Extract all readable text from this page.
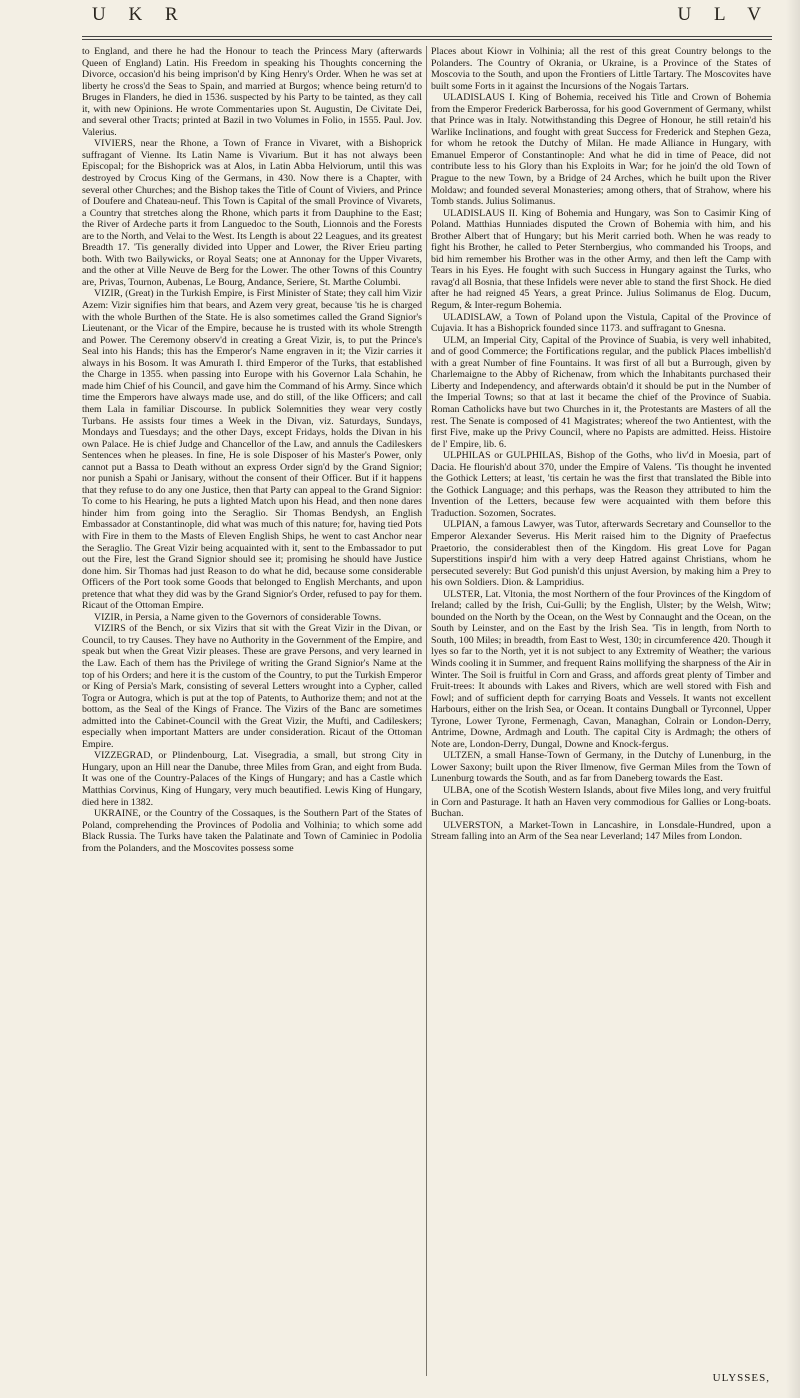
U K R	U L V

to England, and there he had the Honour to teach the Princess Mary (afterwards Queen of England) Latin. His Freedom in speaking his Thoughts concerning the Divorce, occasion'd his being imprison'd by King Henry's Order. When he was set at liberty he cross'd the Seas to Spain, and married at Burgos; whence being return'd to Bruges in Flanders, he died in 1536. suspected by his Party to be tainted, as they call it, with new Opinions. He wrote Commentaries upon St. Augustin, De Civitate Dei, and several other Tracts; printed at Bazil in two Volumes in Folio, in 1555. Paul. Jov. Valerius.

VIVIERS, near the Rhone, a Town of France in Vivaret, with a Bishoprick suffragant of Vienne. Its Latin Name is Vivarium. But it has not always been Episcopal; for the Bishoprick was at Alos, in Latin Abba Helviorum, until this was destroyed by Crocus King of the Germans, in 430. Now there is a Chapter, with several other Churches; and the Bishop takes the Title of Count of Viviers, and Prince of Doufere and Chateau-neuf. This Town is Capital of the small Province of Vivarets, a Country that stretches along the Rhone, which parts it from Dauphine to the East; the River of Ardeche parts it from Languedoc to the South, Lionnois and the Forests are to the North, and Velai to the West. Its Length is about 22 Leagues, and its greatest Breadth 17. 'Tis generally divided into Upper and Lower, the River Erieu parting both. With two Bailywicks, or Royal Seats; one at Annonay for the Upper Vivarets, and the other at Ville Neuve de Berg for the Lower. The other Towns of this Country are, Privas, Tournon, Aubenas, Le Bourg, Andance, Seriere, St. Marthe Columbi.

VIZIR, (Great) in the Turkish Empire, is First Minister of State; they call him Vizir Azem: Vizir signifies him that bears, and Azem very great, because 'tis he is charged with the whole Burthen of the State. He is also sometimes called the Grand Signior's Lieutenant, or the Vicar of the Empire, because he is trusted with its whole Strength and Power. The Ceremony observ'd in creating a Great Vizir, is, to put the Prince's Seal into his Hands; this has the Emperor's Name engraven in it; the Vizir carries it always in his Bosom. It was Amurath I. third Emperor of the Turks, that established the Charge in 1355. when passing into Europe with his Governor Lala Schahin, he made him Chief of his Council, and gave him the Command of his Army. Since which time the Emperors have always made use, and do still, of the like Officers; and call them Lala in familiar Discourse. In publick Solemnities they wear very costly Turbans. He assists four times a Week in the Divan, viz. Saturdays, Sundays, Mondays and Tuesdays; and the other Days, except Fridays, holds the Divan in his own Palace. He is chief Judge and Chancellor of the Law, and annuls the Cadileskers Sentences when he pleases. In fine, He is sole Disposer of his Master's Power, only cannot put a Bassa to Death without an express Order sign'd by the Grand Signior; nor punish a Spahi or Janisary, without the consent of their Officer. But if it happens that they refuse to do any one Justice, then that Party can appeal to the Grand Signior: To come to his Hearing, he puts a lighted Match upon his Head, and then none dares hinder him from going into the Seraglio. Sir Thomas Bendysh, an English Embassador at Constantinople, did what was much of this nature; for, having tied Pots with Fire in them to the Masts of Eleven English Ships, he went to cast Anchor near the Seraglio. The Great Vizir being acquainted with it, sent to the Embassador to put out the Fire, lest the Grand Signior should see it; promising he should have Justice done him. Sir Thomas had just Reason to do what he did, because some considerable Officers of the Port took some Goods that belonged to English Merchants, and upon pretence that what they did was by the Grand Signior's Order, refused to pay for them. Ricaut of the Ottoman Empire.

VIZIR, in Persia, a Name given to the Governors of considerable Towns.

VIZIRS of the Bench, or six Vizirs that sit with the Great Vizir in the Divan, or Council, to try Causes. They have no Authority in the Government of the Empire, and speak but when the Great Vizir pleases. These are grave Persons, and very learned in the Law. Each of them has the Privilege of writing the Grand Signior's Name at the top of his Orders; and here it is the custom of the Country, to put the Turkish Emperor or King of Persia's Mark, consisting of several Letters wrought into a Cypher, called Togra or Autogra, which is put at the top of Patents, to Authorize them; and not at the bottom, as the Seal of the Kings of France. The Vizirs of the Banc are sometimes admitted into the Cabinet-Council with the Great Vizir, the Mufti, and Cadileskers; especially when important Matters are under consideration. Ricaut of the Ottoman Empire.

VIZZEGRAD, or Plindenbourg, Lat. Visegradia, a small, but strong City in Hungary, upon an Hill near the Danube, three Miles from Gran, and eight from Buda. It was one of the Country-Palaces of the Kings of Hungary; and has a Castle which Matthias Corvinus, King of Hungary, very much beautified. Lewis King of Hungary, died here in 1382.

UKRAINE, or the Country of the Cossaques, is the Southern Part of the States of Poland, comprehending the Provinces of Podolia and Volhinia; to which some add Black Russia. The Turks have taken the Palatinate and Town of Caminiec in Podolia from the Polanders, and the Moscovites possess some

Places about Kiowr in Volhinia; all the rest of this great Country belongs to the Polanders. The Country of Okrania, or Ukraine, is a Province of the States of Moscovia to the South, and upon the Frontiers of Little Tartary. The Moscovites have built some Forts in it against the Incursions of the Nogais Tartars.

ULADISLAUS I. King of Bohemia, received his Title and Crown of Bohemia from the Emperor Frederick Barberossa, for his good Government of Germany, whilst that Prince was in Italy. Notwithstanding this Degree of Honour, he still retain'd his Warlike Inclinations, and fought with great Success for Frederick and Stephen Geza, for whom he retook the Dutchy of Milan. He made Alliance in Hungary, with Emanuel Emperor of Constantinople: And what he did in time of Peace, did not contribute less to his Glory than his Exploits in War; for he join'd the old Town of Prague to the new Town, by a Bridge of 24 Arches, which he built upon the River Moldaw; and founded several Monasteries; among others, that of Strahow, where his Tomb stands. Julius Solimanus.

ULADISLAUS II. King of Bohemia and Hungary, was Son to Casimir King of Poland. Matthias Hunniades disputed the Crown of Bohemia with him, and his Brother Albert that of Hungary; but his Merit carried both. When he was ready to fight his Brother, he called to Peter Sternbergius, who commanded his Troops, and bid him remember his Brother was in the other Army, and then left the Camp with Tears in his Eyes. He fought with such Success in Hungary against the Turks, who ravag'd all Bosnia, that these Infidels were never able to stand the first Shock. He died after he had reigned 45 Years, a great Prince. Julius Solimanus de Elog. Ducum, Regum, & Inter-regum Bohemia.

ULADISLAW, a Town of Poland upon the Vistula, Capital of the Province of Cujavia. It has a Bishoprick founded since 1173. and suffragant to Gnesna.

ULM, an Imperial City, Capital of the Province of Suabia, is very well inhabited, and of good Commerce; the Fortifications regular, and the publick Places imbellish'd with a great Number of fine Fountains. It was first of all but a Burrough, given by Charlemaigne to the Abby of Richenaw, from which the Inhabitants purchased their Liberty and Independency, and afterwards obtain'd it should be put in the Number of the Imperial Towns; so that at last it became the chief of the Province of Suabia. Roman Catholicks have but two Churches in it, the Protestants are Masters of all the rest. The Senate is composed of 41 Magistrates; whereof the two Antientest, with the first Five, make up the Privy Council, where no Papists are admitted. Heiss. Histoire de l' Empire, lib. 6.

ULPHILAS or GULPHILAS, Bishop of the Goths, who liv'd in Moesia, part of Dacia. He flourish'd about 370, under the Empire of Valens. 'Tis thought he invented the Gothick Letters; at least, 'tis certain he was the first that translated the Bible into the Gothick Language; and this perhaps, was the Reason they attributed to him the Invention of the Letters, because few were acquainted with them before this Traduction. Sozomen, Socrates.

ULPIAN, a famous Lawyer, was Tutor, afterwards Secretary and Counsellor to the Emperor Alexander Severus. His Merit raised him to the Dignity of Praefectus Praetorio, the considerablest then of the Kingdom. His great Love for Pagan Superstitions inspir'd him with a very deep Hatred against Christians, whom he persecuted severely: But God punish'd this unjust Aversion, by making him a Prey to his own Soldiers. Dion. & Lampridius.

ULSTER, Lat. Vltonia, the most Northern of the four Provinces of the Kingdom of Ireland; called by the Irish, Cui-Gulli; by the English, Ulster; by the Welsh, Witw; bounded on the North by the Ocean, on the West by Connaught and the Ocean, on the South by Leinster, and on the East by the Irish Sea. 'Tis in length, from North to South, 100 Miles; in breadth, from East to West, 130; in circumference 420. Though it lyes so far to the North, yet it is not subject to any Extremity of Weather; the various Winds cooling it in Summer, and frequent Rains mollifying the sharpness of the Air in Winter. The Soil is fruitful in Corn and Grass, and affords great plenty of Timber and Fruit-trees: It abounds with Lakes and Rivers, which are well stored with Fish and Fowl; and of sufficient depth for carrying Boats and Vessels. It wants not excellent Harbours, either on the Irish Sea, or Ocean. It contains Dungball or Tyrconnel, Upper Tyrone, Lower Tyrone, Fermenagh, Cavan, Managhan, Colrain or London-Derry, Antrime, Downe, Ardmagh and Louth. The capital City is Ardmagh; the others of Note are, London-Derry, Dungal, Downe and Knock-fergus.

ULTZEN, a small Hanse-Town of Germany, in the Dutchy of Lunenburg, in the Lower Saxony; built upon the River Ilmenow, five German Miles from the Town of Lunenburg towards the South, and as far from Daneberg towards the East.

ULBA, one of the Scotish Western Islands, about five Miles long, and very fruitful in Corn and Pasturage. It hath an Haven very commodious for Gallies or Long-boats. Buchan.

ULVERSTON, a Market-Town in Lancashire, in Lonsdale-Hundred, upon a Stream falling into an Arm of the Sea near Leverland; 147 Miles from London.

ULYSSES,
